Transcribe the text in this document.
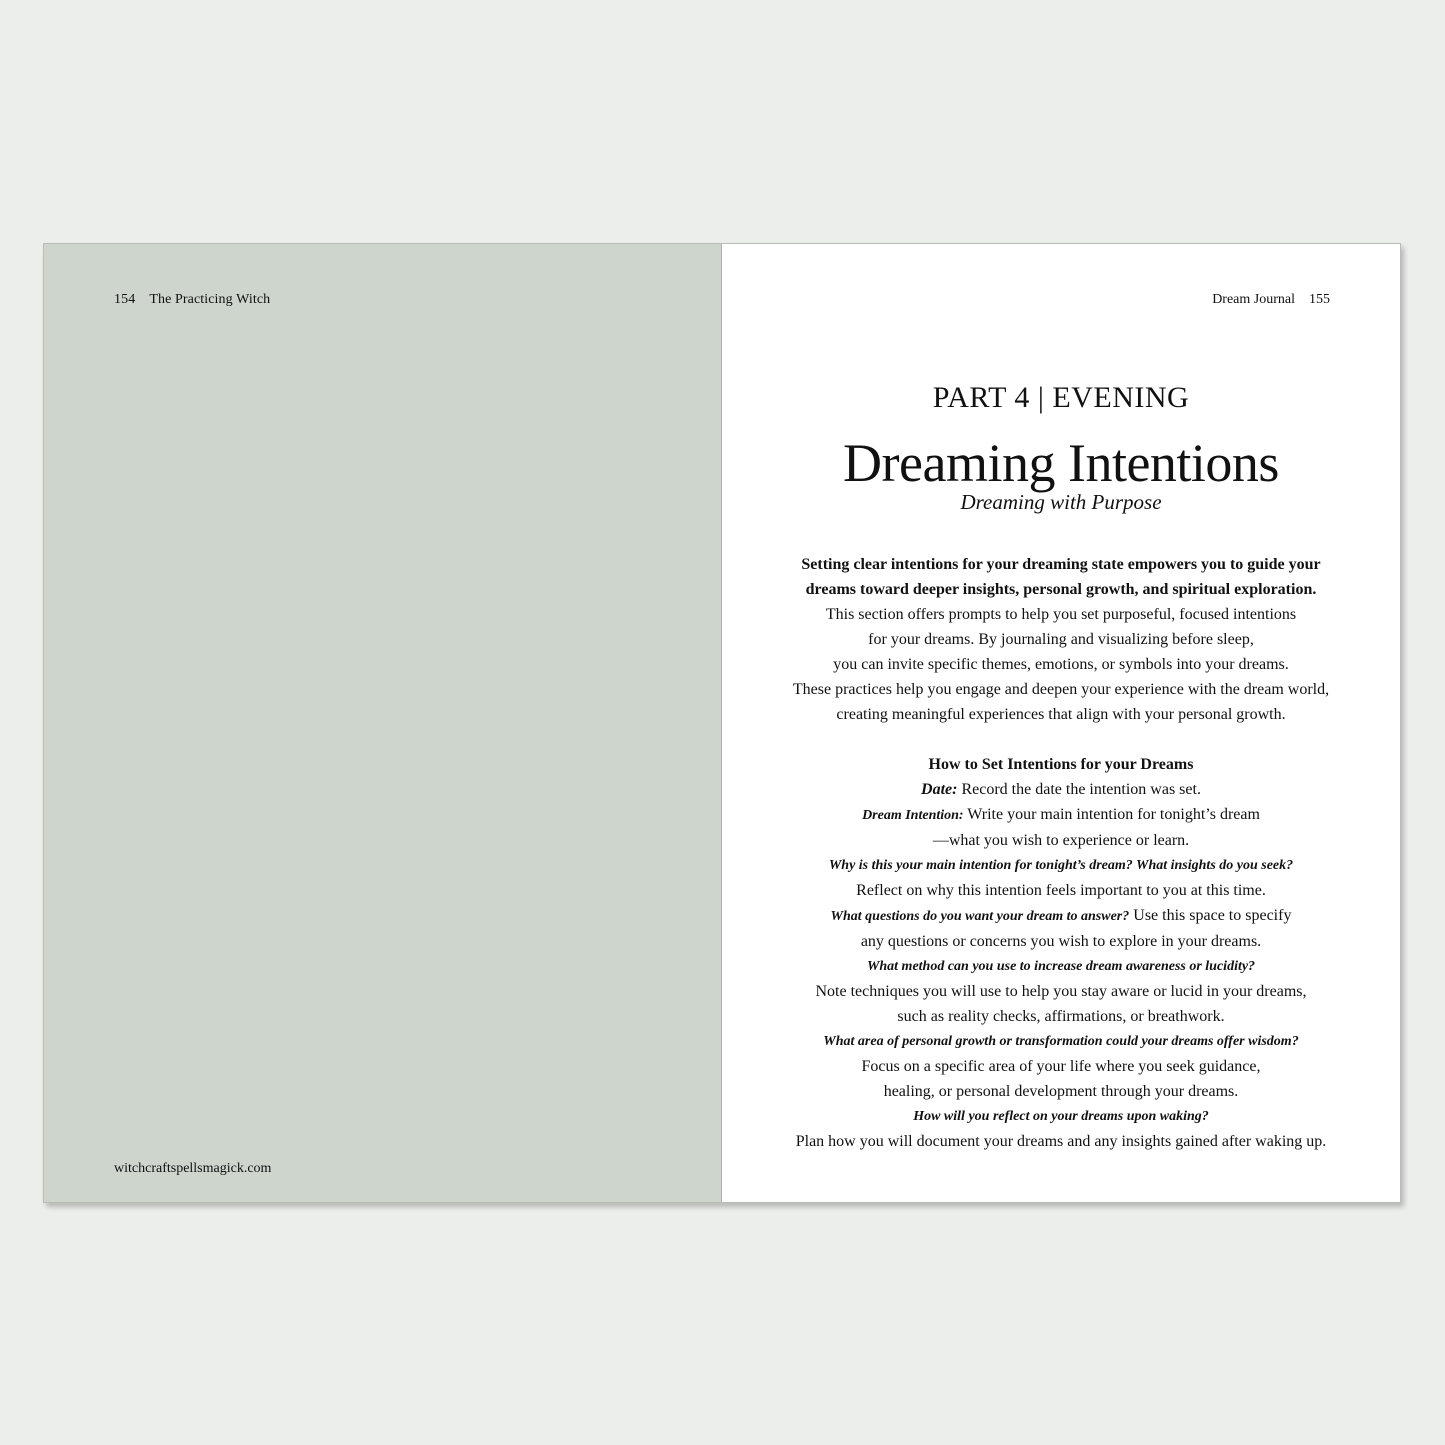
154 The Practicing Witch
witchcraftspellsmagick.com
Dream Journal 155
PART 4 | EVENING
Dreaming Intentions
Dreaming with Purpose
Setting clear intentions for your dreaming state empowers you to guide your
dreams toward deeper insights, personal growth, and spiritual exploration.
This section offers prompts to help you set purposeful, focused intentions
for your dreams. By journaling and visualizing before sleep,
you can invite specific themes, emotions, or symbols into your dreams.
These practices help you engage and deepen your experience with the dream world,
creating meaningful experiences that align with your personal growth.
How to Set Intentions for your Dreams
Date: Record the date the intention was set.
Dream Intention: Write your main intention for tonight’s dream
—what you wish to experience or learn.
Why is this your main intention for tonight’s dream? What insights do you seek?
Reflect on why this intention feels important to you at this time.
What questions do you want your dream to answer? Use this space to specify
any questions or concerns you wish to explore in your dreams.
What method can you use to increase dream awareness or lucidity?
Note techniques you will use to help you stay aware or lucid in your dreams,
such as reality checks, affirmations, or breathwork.
What area of personal growth or transformation could your dreams offer wisdom?
Focus on a specific area of your life where you seek guidance,
healing, or personal development through your dreams.
How will you reflect on your dreams upon waking?
Plan how you will document your dreams and any insights gained after waking up.
